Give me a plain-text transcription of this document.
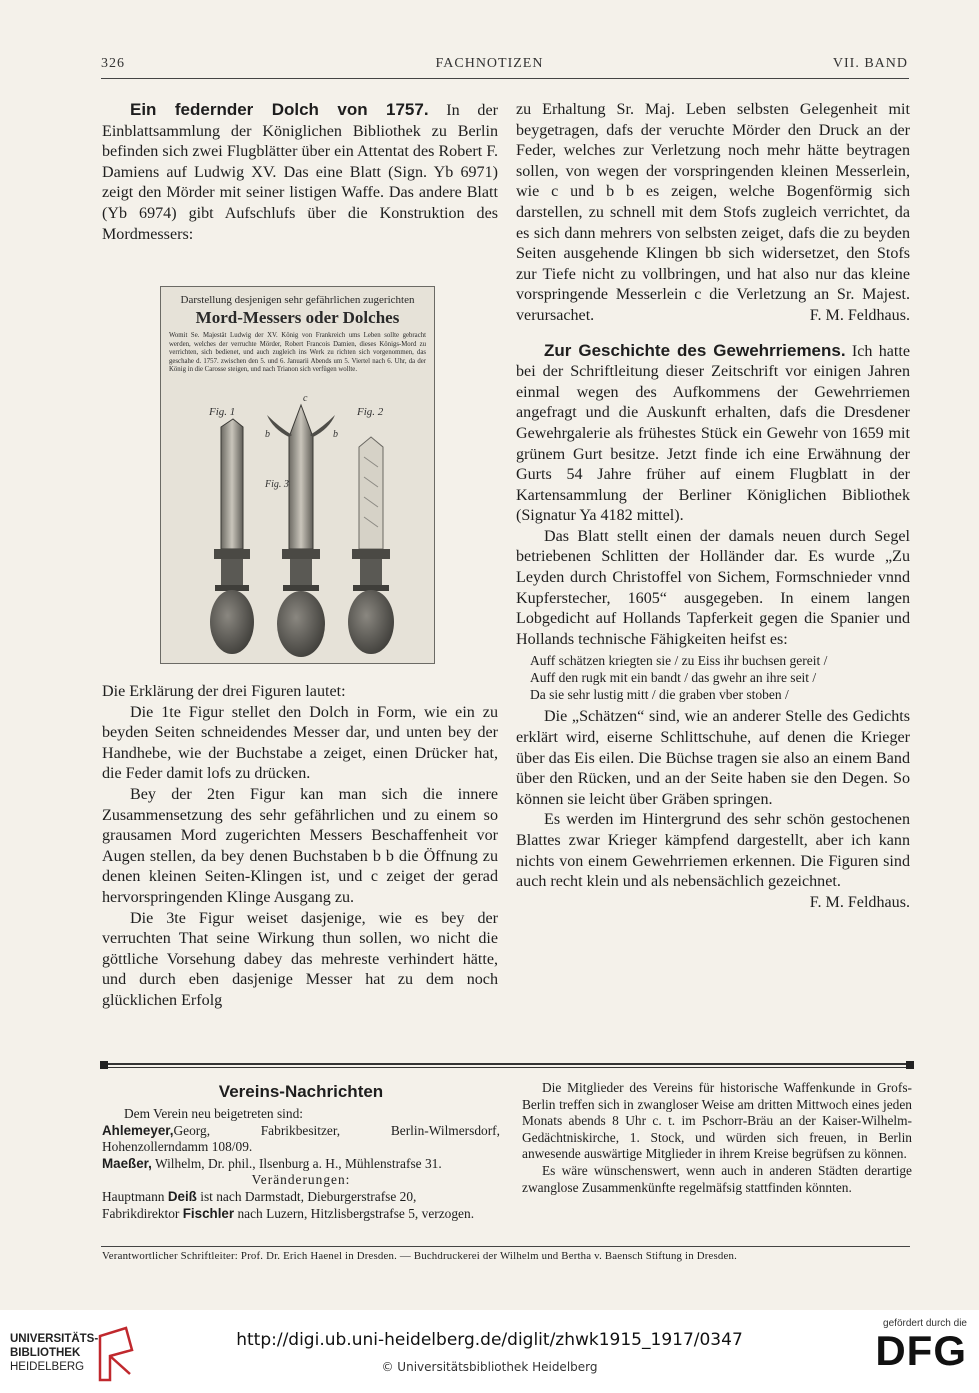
326	FACHNOTIZEN	VII. BAND

Ein federnder Dolch von 1757. In der Einblattsammlung der Königlichen Bibliothek zu Berlin befinden sich zwei Flugblätter über ein Attentat des Robert F. Damiens auf Ludwig XV. Das eine Blatt (Sign. Yb 6971) zeigt den Mörder mit seiner listigen Waffe. Das andere Blatt (Yb 6974) gibt Aufschlufs über die Konstruktion des Mordmessers:

Darstellung desjenigen sehr gefährlichen zugerichten
Mord-Messers oder Dolches
Womit Se. Majestät Ludwig der XV. König von Frankreich ums Leben sollte gebracht werden, welches der verruchte Mörder, Robert Francois Damien, dieses Königs-Mord zu verrichten, sich bedienet, und auch zugleich ins Werk zu richten sich vorgenommen, das geschahe d. 1757. zwischen den 5. und 6. Januarii Abends um 5. Viertel nach 6. Uhr, da der König in die Carosse steigen, und nach Trianon sich verfügen wollte.
Fig. 1	Fig. 2
Fig. 3
b	b
c

Die Erklärung der drei Figuren lautet:

Die 1te Figur stellet den Dolch in Form, wie ein zu beyden Seiten schneidendes Messer dar, und unten bey der Handhebe, wie der Buchstabe a zeiget, einen Drücker hat, die Feder damit lofs zu drücken.

Bey der 2ten Figur kan man sich die innere Zusammensetzung des sehr gefährlichen und zu einem so grausamen Mord zugerichten Messers Beschaffenheit vor Augen stellen, da bey denen Buchstaben b b die Öffnung zu denen kleinen Seiten-Klingen ist, und c zeiget der gerad hervorspringenden Klinge Ausgang zu.

Die 3te Figur weiset dasjenige, wie es bey der verruchten That seine Wirkung thun sollen, wo nicht die göttliche Vorsehung dabey das mehreste verhindert hätte, und durch eben dasjenige Messer hat zu dem noch glücklichen Erfolg

zu Erhaltung Sr. Maj. Leben selbsten Gelegenheit mit beygetragen, dafs der veruchte Mörder den Druck an der Feder, welches zur Verletzung noch mehr hätte beytragen sollen, von wegen der vorspringenden kleinen Messerlein, wie c und b b es zeigen, welche Bogenförmig sich darstellen, zu schnell mit dem Stofs zugleich verrichtet, da es sich dann mehrers von selbsten zeiget, dafs die zu beyden Seiten ausgehende Klingen bb sich widersetzet, den Stofs zur Tiefe nicht zu vollbringen, und hat also nur das kleine vorspringende Messerlein c die Verletzung an Sr. Majest. verursachet.	F. M. Feldhaus.

Zur Geschichte des Gewehrriemens. Ich hatte bei der Schriftleitung dieser Zeitschrift vor einigen Jahren einmal wegen des Aufkommens der Gewehrriemen angefragt und die Auskunft erhalten, dafs die Dresdener Gewehrgalerie als frühestes Stück ein Gewehr von 1659 mit grünem Gurt besitze. Jetzt finde ich eine Erwähnung der Gurts 54 Jahre früher auf einem Flugblatt in der Kartensammlung der Berliner Königlichen Bibliothek (Signatur Ya 4182 mittel).

Das Blatt stellt einen der damals neuen durch Segel betriebenen Schlitten der Holländer dar. Es wurde „Zu Leyden durch Christoffel von Sichem, Formschnieder vnnd Kupferstecher, 1605“ ausgegeben. In einem langen Lobgedicht auf Hollands Tapferkeit gegen die Spanier und Hollands technische Fähigkeiten heifst es:

Auff schätzen kriegten sie / zu Eiss ihr buchsen gereit /
Auff den rugk mit ein bandt / das gwehr an ihre seit /
Da sie sehr lustig mitt / die graben vber stoben /

Die „Schätzen“ sind, wie an anderer Stelle des Gedichts erklärt wird, eiserne Schlittschuhe, auf denen die Krieger über das Eis eilen. Die Büchse tragen sie also an einem Band über den Rücken, und an der Seite haben sie den Degen. So können sie leicht über Gräben springen.

Es werden im Hintergrund des sehr schön gestochenen Blattes zwar Krieger kämpfend dargestellt, aber ich kann nichts von einem Gewehrriemen erkennen. Die Figuren sind auch recht klein und als nebensächlich gezeichnet.

F. M. Feldhaus.

Vereins-Nachrichten

Dem Verein neu beigetreten sind:

Ahlemeyer,Georg, Fabrikbesitzer, Berlin-Wilmersdorf, Hohenzollerndamm 108/09.

Maeßer, Wilhelm, Dr. phil., Ilsenburg a. H., Mühlenstrafse 31.

Veränderungen:

Hauptmann Deiß ist nach Darmstadt, Dieburgerstrafse 20,

Fabrikdirektor Fischler nach Luzern, Hitzlisbergstrafse 5, verzogen.

Die Mitglieder des Vereins für historische Waffenkunde in Grofs-Berlin treffen sich in zwangloser Weise am dritten Mittwoch eines jeden Monats abends 8 Uhr c. t. im Pschorr-Bräu an der Kaiser-Wilhelm-Gedächtniskirche, 1. Stock, und würden sich freuen, in Berlin anwesende auswärtige Mitglieder in ihrem Kreise begrüfsen zu können.

Es wäre wünschenswert, wenn auch in anderen Städten derartige zwanglose Zusammenkünfte regelmäfsig stattfinden könnten.

Verantwortlicher Schriftleiter: Prof. Dr. Erich Haenel in Dresden. — Buchdruckerei der Wilhelm und Bertha v. Baensch Stiftung in Dresden.
UNIVERSITÄTS-
BIBLIOTHEK
HEIDELBERG
http://digi.ub.uni-heidelberg.de/diglit/zhwk1915_1917/0347
© Universitätsbibliothek Heidelberg
gefördert durch die
DFG
